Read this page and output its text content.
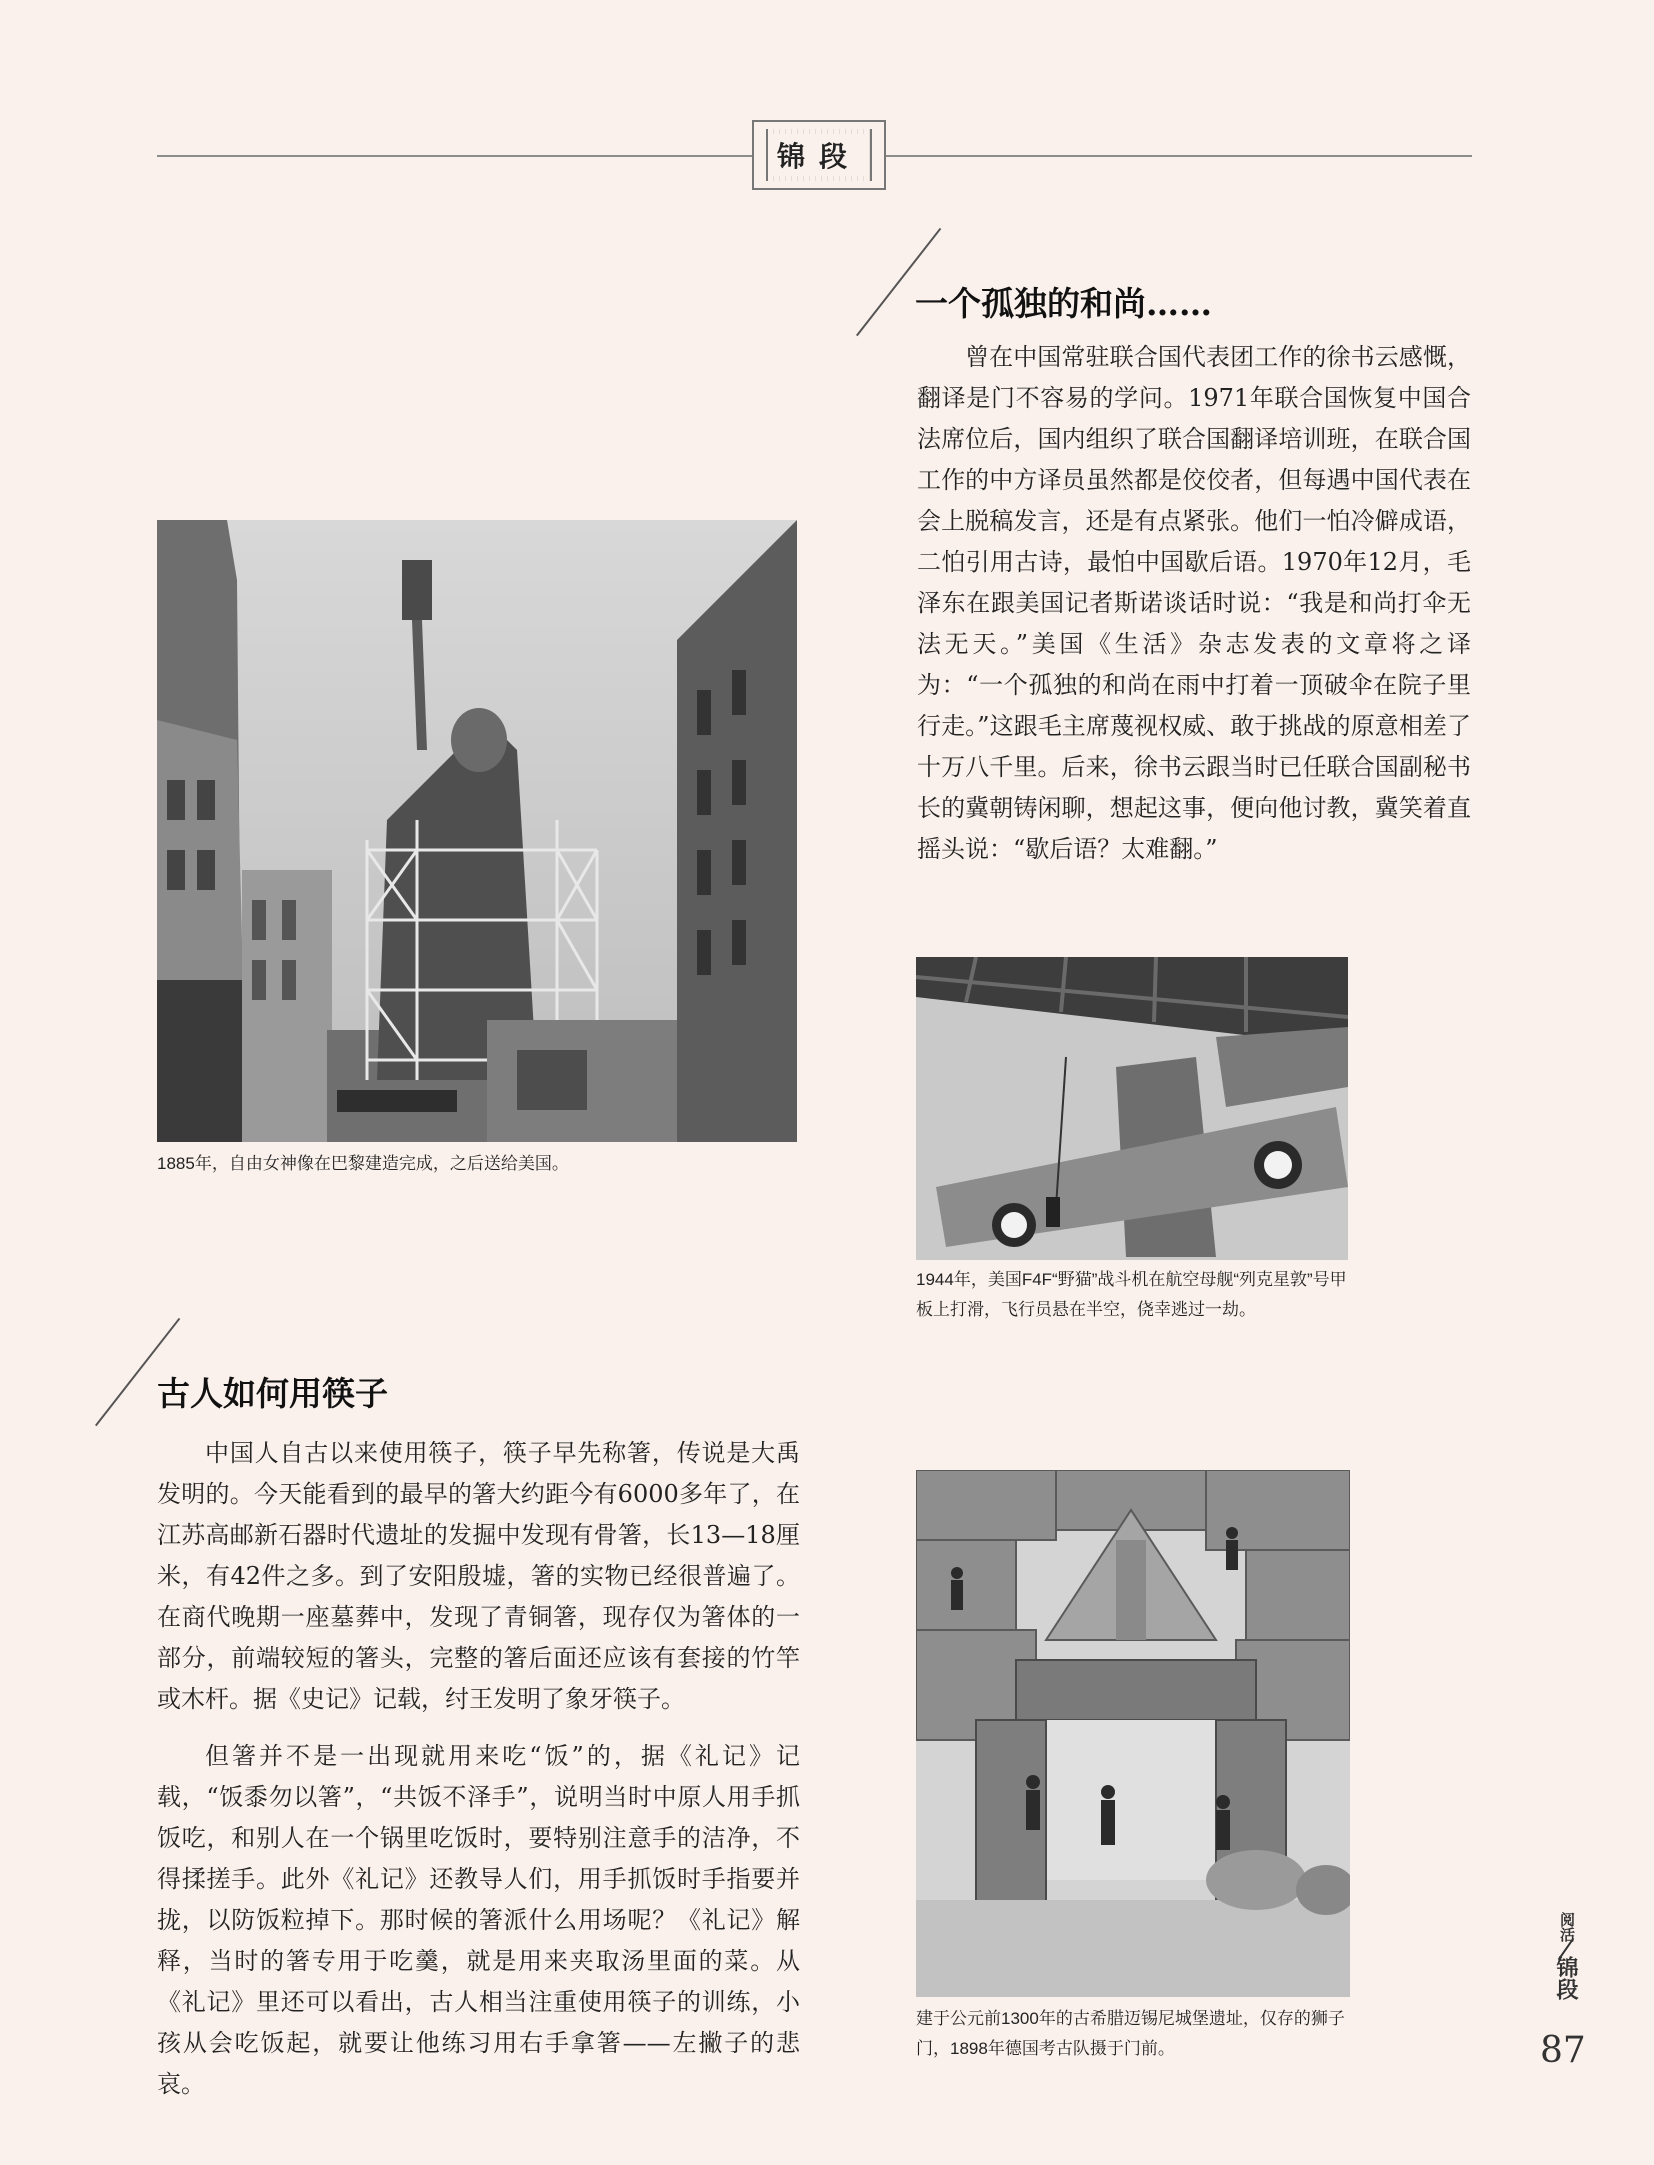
锦段
一个孤独的和尚……

曾在中国常驻联合国代表团工作的徐书云感慨，翻译是门不容易的学问。1971年联合国恢复中国合法席位后，国内组织了联合国翻译培训班，在联合国工作的中方译员虽然都是佼佼者，但每遇中国代表在会上脱稿发言，还是有点紧张。他们一怕冷僻成语，二怕引用古诗，最怕中国歇后语。1970年12月，毛泽东在跟美国记者斯诺谈话时说：“我是和尚打伞无法无天。”美国《生活》杂志发表的文章将之译为：“一个孤独的和尚在雨中打着一顶破伞在院子里行走。”这跟毛主席蔑视权威、敢于挑战的原意相差了十万八千里。后来，徐书云跟当时已任联合国副秘书长的冀朝铸闲聊，想起这事，便向他讨教，冀笑着直摇头说：“歇后语？太难翻。”

1885年，自由女神像在巴黎建造完成，之后送给美国。
1944年，美国F4F“野猫”战斗机在航空母舰“列克星敦”号甲板上打滑，飞行员悬在半空，侥幸逃过一劫。
古人如何用筷子

中国人自古以来使用筷子，筷子早先称箸，传说是大禹发明的。今天能看到的最早的箸大约距今有6000多年了，在江苏高邮新石器时代遗址的发掘中发现有骨箸，长13—18厘米，有42件之多。到了安阳殷墟，箸的实物已经很普遍了。在商代晚期一座墓葬中，发现了青铜箸，现存仅为箸体的一部分，前端较短的箸头，完整的箸后面还应该有套接的竹竿或木杆。据《史记》记载，纣王发明了象牙筷子。

但箸并不是一出现就用来吃“饭”的，据《礼记》记载，“饭黍勿以箸”，“共饭不泽手”，说明当时中原人用手抓饭吃，和别人在一个锅里吃饭时，要特别注意手的洁净，不得揉搓手。此外《礼记》还教导人们，用手抓饭时手指要并拢，以防饭粒掉下。那时候的箸派什么用场呢？《礼记》解释，当时的箸专用于吃羹，就是用来夹取汤里面的菜。从《礼记》里还可以看出，古人相当注重使用筷子的训练，小孩从会吃饭起，就要让他练习用右手拿箸——左撇子的悲哀。

建于公元前1300年的古希腊迈锡尼城堡遗址，仅存的狮子门，1898年德国考古队摄于门前。
阅活
锦段
87
